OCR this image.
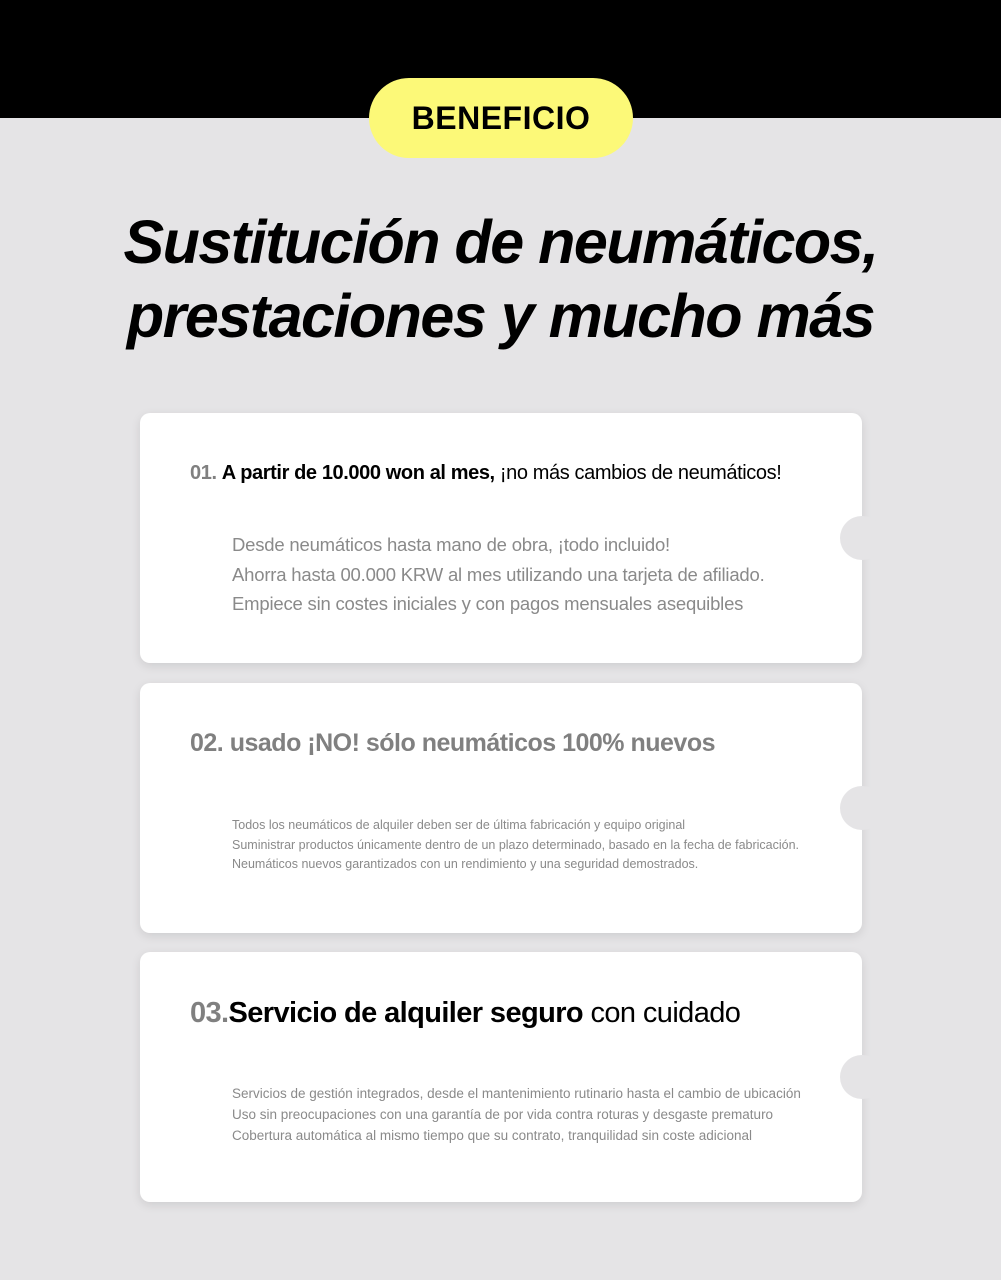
BENEFICIO
Sustitución de neumáticos,
prestaciones y mucho más
01. A partir de 10.000 won al mes, ¡no más cambios de neumáticos!
Desde neumáticos hasta mano de obra, ¡todo incluido!
Ahorra hasta 00.000 KRW al mes utilizando una tarjeta de afiliado.
Empiece sin costes iniciales y con pagos mensuales asequibles
02. usado ¡NO! sólo neumáticos 100% nuevos
Todos los neumáticos de alquiler deben ser de última fabricación y equipo original
Suministrar productos únicamente dentro de un plazo determinado, basado en la fecha de fabricación.
Neumáticos nuevos garantizados con un rendimiento y una seguridad demostrados.
03.Servicio de alquiler seguro con cuidado
Servicios de gestión integrados, desde el mantenimiento rutinario hasta el cambio de ubicación
Uso sin preocupaciones con una garantía de por vida contra roturas y desgaste prematuro
Cobertura automática al mismo tiempo que su contrato, tranquilidad sin coste adicional
